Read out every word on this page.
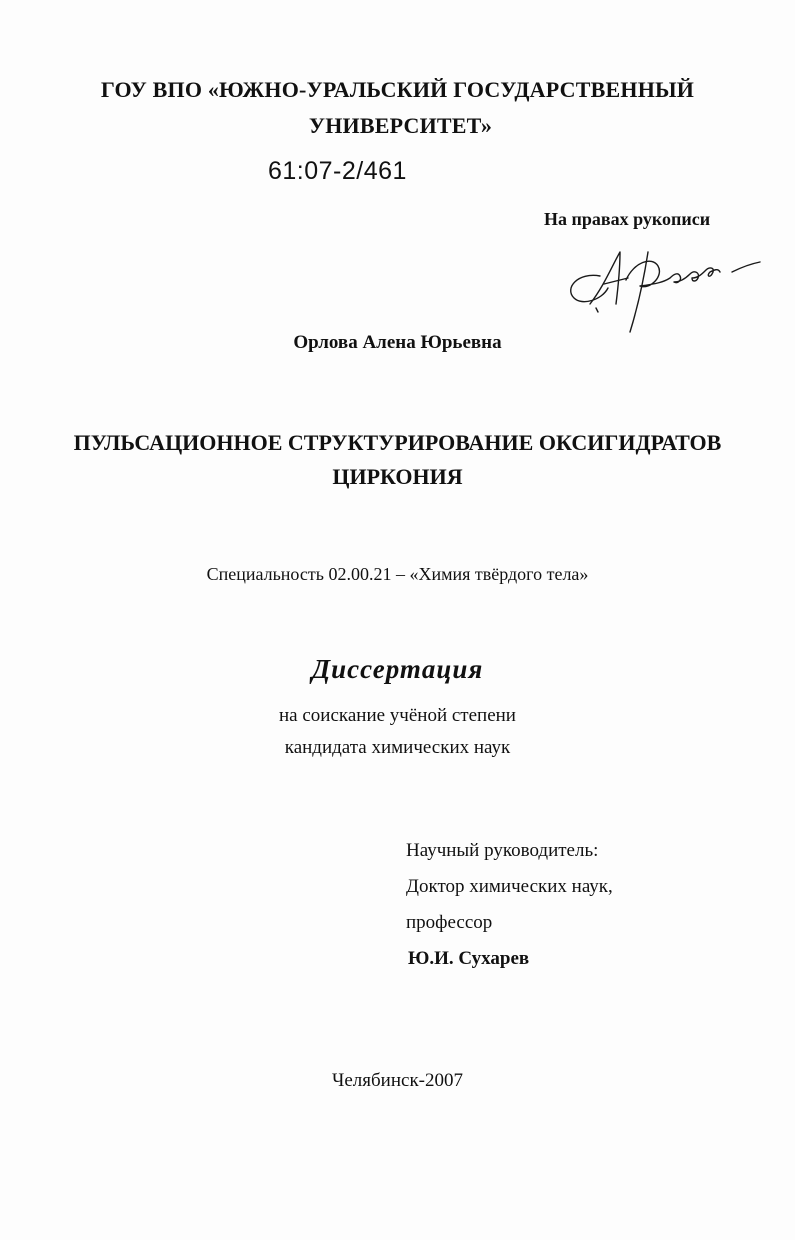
ГОУ ВПО «ЮЖНО-УРАЛЬСКИЙ ГОСУДАРСТВЕННЫЙ
УНИВЕРСИТЕТ»
61:07-2/461
На правах рукописи
Орлова Алена Юрьевна
ПУЛЬСАЦИОННОЕ СТРУКТУРИРОВАНИЕ ОКСИГИДРАТОВ
ЦИРКОНИЯ
Специальность 02.00.21 – «Химия твёрдого тела»
Диссертация
на соискание учёной степени
кандидата химических наук
Научный руководитель:
Доктор химических наук,
профессор
Ю.И. Сухарев
Челябинск-2007
